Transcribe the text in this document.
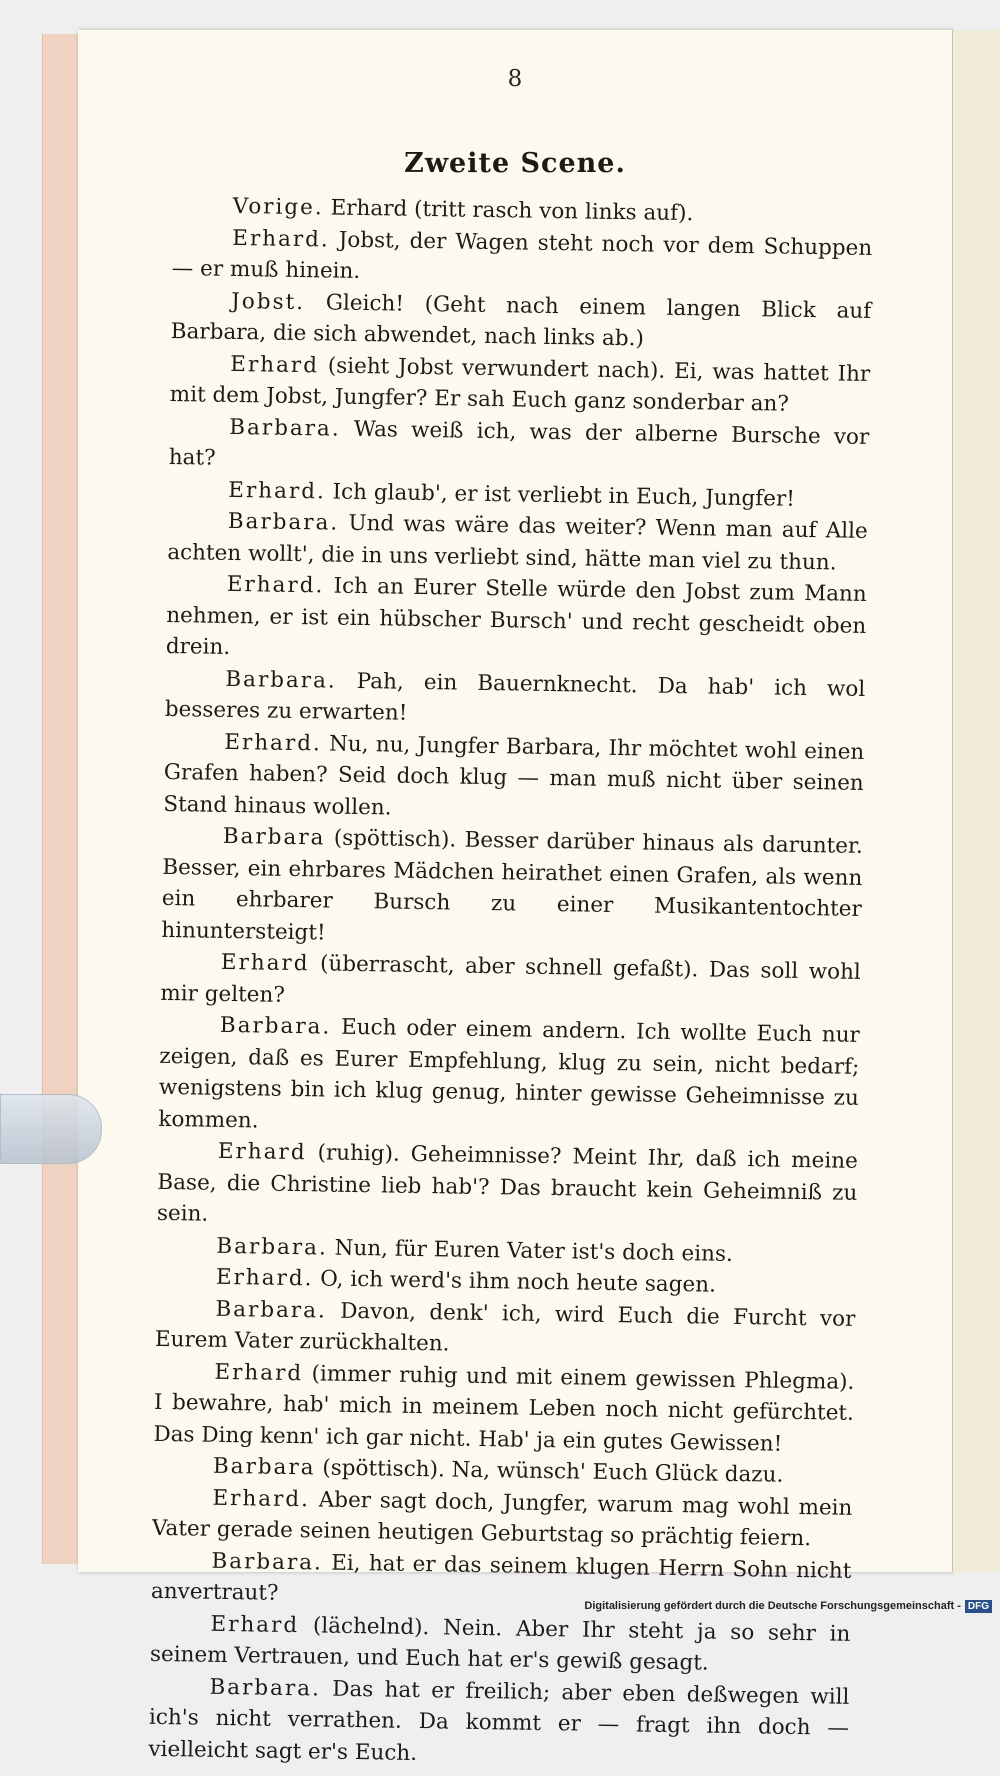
8
Zweite Scene.

Vorige. Erhard (tritt rasch von links auf).

Erhard. Jobst, der Wagen steht noch vor dem Schuppen — er muß hinein.

Jobst. Gleich! (Geht nach einem langen Blick auf Barbara, die sich abwendet, nach links ab.)

Erhard (sieht Jobst verwundert nach). Ei, was hattet Ihr mit dem Jobst, Jungfer? Er sah Euch ganz sonderbar an?

Barbara. Was weiß ich, was der alberne Bursche vor hat?

Erhard. Ich glaub', er ist verliebt in Euch, Jungfer!

Barbara. Und was wäre das weiter? Wenn man auf Alle achten wollt', die in uns verliebt sind, hätte man viel zu thun.

Erhard. Ich an Eurer Stelle würde den Jobst zum Mann nehmen, er ist ein hübscher Bursch' und recht gescheidt oben drein.

Barbara. Pah, ein Bauernknecht. Da hab' ich wol besseres zu erwarten!

Erhard. Nu, nu, Jungfer Barbara, Ihr möchtet wohl einen Grafen haben? Seid doch klug — man muß nicht über seinen Stand hinaus wollen.

Barbara (spöttisch). Besser darüber hinaus als darunter. Besser, ein ehrbares Mädchen heirathet einen Grafen, als wenn ein ehrbarer Bursch zu einer Musikantentochter hinuntersteigt!

Erhard (überrascht, aber schnell gefaßt). Das soll wohl mir gelten?

Barbara. Euch oder einem andern. Ich wollte Euch nur zeigen, daß es Eurer Empfehlung, klug zu sein, nicht bedarf; wenigstens bin ich klug genug, hinter gewisse Geheimnisse zu kommen.

Erhard (ruhig). Geheimnisse? Meint Ihr, daß ich meine Base, die Christine lieb hab'? Das braucht kein Geheimniß zu sein.

Barbara. Nun, für Euren Vater ist's doch eins.

Erhard. O, ich werd's ihm noch heute sagen.

Barbara. Davon, denk' ich, wird Euch die Furcht vor Eurem Vater zurückhalten.

Erhard (immer ruhig und mit einem gewissen Phlegma). I bewahre, hab' mich in meinem Leben noch nicht gefürchtet. Das Ding kenn' ich gar nicht. Hab' ja ein gutes Gewissen!

Barbara (spöttisch). Na, wünsch' Euch Glück dazu.

Erhard. Aber sagt doch, Jungfer, warum mag wohl mein Vater gerade seinen heutigen Geburtstag so prächtig feiern.

Barbara. Ei, hat er das seinem klugen Herrn Sohn nicht anvertraut?

Erhard (lächelnd). Nein. Aber Ihr steht ja so sehr in seinem Vertrauen, und Euch hat er's gewiß gesagt.

Barbara. Das hat er freilich; aber eben deßwegen will ich's nicht verrathen. Da kommt er — fragt ihn doch — vielleicht sagt er's Euch.

Digitalisierung gefördert durch die Deutsche Forschungsgemeinschaft - DFG
